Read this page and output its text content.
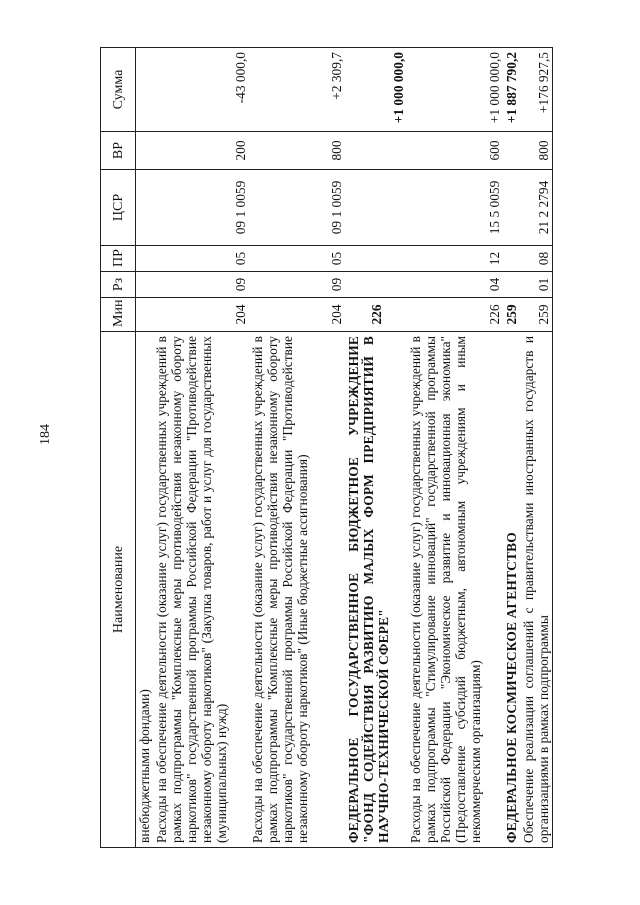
184
Наименование	Мин	Рз	ПР	ЦСР	ВР	Сумма
внебюджетными фондами)						
Расходы на обеспечение деятельности (оказание услуг) государственных учреждений в рамках подпрограммы "Комплексные меры противодействия незаконному обороту наркотиков" государственной программы Российской Федерации "Противодействие незаконному обороту наркотиков" (Закупка товаров, работ и услуг для государственных (муниципальных) нужд)	204	09	05	09 1 0059	200	-43 000,0
Расходы на обеспечение деятельности (оказание услуг) государственных учреждений в рамках подпрограммы "Комплексные меры противодействия незаконному обороту наркотиков" государственной программы Российской Федерации "Противодействие незаконному обороту наркотиков" (Иные бюджетные ассигнования)	204	09	05	09 1 0059	800	+2 309,7
ФЕДЕРАЛЬНОЕ ГОСУДАРСТВЕННОЕ БЮДЖЕТНОЕ УЧРЕЖДЕНИЕ "ФОНД СОДЕЙСТВИЯ РАЗВИТИЮ МАЛЫХ ФОРМ ПРЕДПРИЯТИЙ В НАУЧНО-ТЕХНИЧЕСКОЙ СФЕРЕ"	226					+1 000 000,0
Расходы на обеспечение деятельности (оказание услуг) государственных учреждений в рамках подпрограммы "Стимулирование инноваций" государственной программы Российской Федерации "Экономическое развитие и инновационная экономика" (Предоставление субсидий бюджетным, автономным учреждениям и иным некоммерческим организациям)	226	04	12	15 5 0059	600	+1 000 000,0
ФЕДЕРАЛЬНОЕ КОСМИЧЕСКОЕ АГЕНТСТВО	259					+1 887 790,2
Обеспечение реализации соглашений с правительствами иностранных государств и организациями в рамках подпрограммы	259	01	08	21 2 2794	800	+176 927,5
